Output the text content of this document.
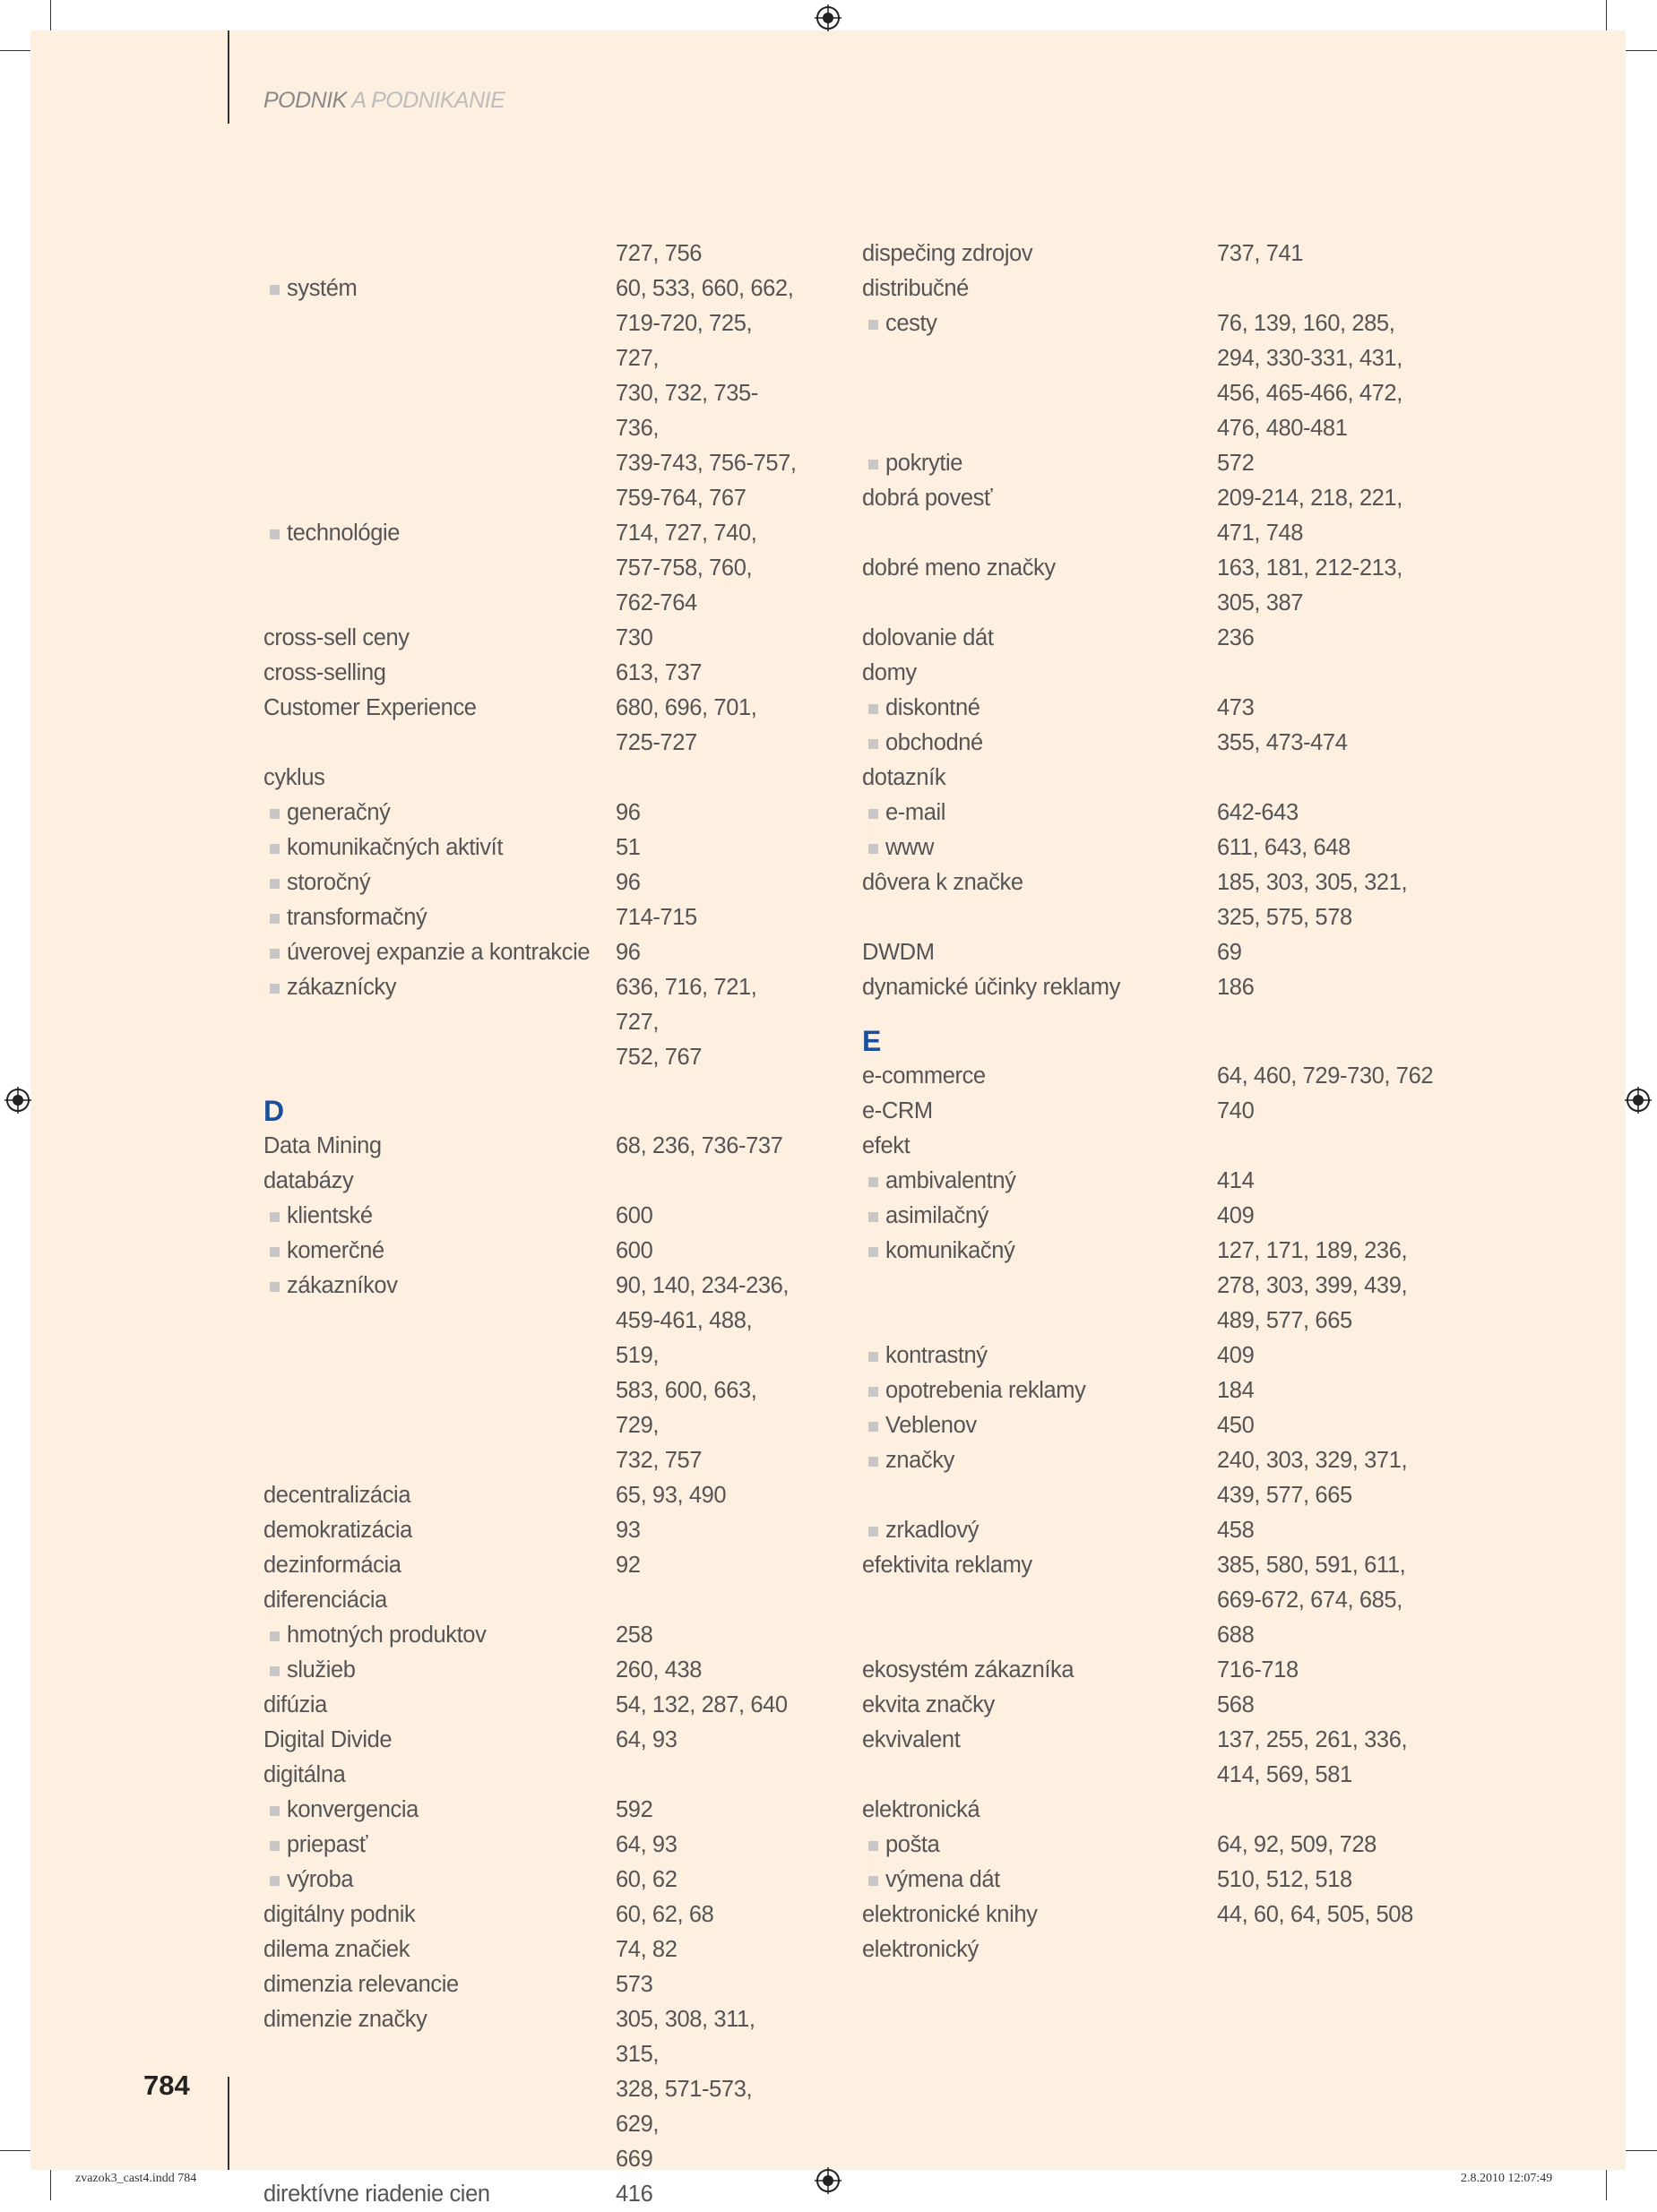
PODNIK A PODNIKANIE
727, 756
systém	60, 533, 660, 662,
719-720, 725, 727,
730, 732, 735-736,
739-743, 756-757,
759-764, 767
technológie	714, 727, 740,
757-758, 760,
762-764
cross-sell ceny	730
cross-selling	613, 737
Customer Experience	680, 696, 701,
725-727
cyklus
generačný	96
komunikačných aktivít	51
storočný	96
transformačný	714-715
úverovej expanzie a kontrakcie	96
zákaznícky	636, 716, 721, 727,
752, 767
D
Data Mining	68, 236, 736-737
databázy
klientské	600
komerčné	600
zákazníkov	90, 140, 234-236,
459-461, 488, 519,
583, 600, 663, 729,
732, 757
decentralizácia	65, 93, 490
demokratizácia	93
dezinformácia	92
diferenciácia
hmotných produktov	258
služieb	260, 438
difúzia	54, 132, 287, 640
Digital Divide	64, 93
digitálna
konvergencia	592
priepasť	64, 93
výroba	60, 62
digitálny podnik	60, 62, 68
dilema značiek	74, 82
dimenzia relevancie	573
dimenzie značky	305, 308, 311, 315,
328, 571-573, 629,
669
direktívne riadenie cien	416
dispečing zdrojov	737, 741
distribučné
cesty	76, 139, 160, 285,
294, 330-331, 431,
456, 465-466, 472,
476, 480-481
pokrytie	572
dobrá povesť	209-214, 218, 221,
471, 748
dobré meno značky	163, 181, 212-213,
305, 387
dolovanie dát	236
domy
diskontné	473
obchodné	355, 473-474
dotazník
e-mail	642-643
www	611, 643, 648
dôvera k značke	185, 303, 305, 321,
325, 575, 578
DWDM	69
dynamické účinky reklamy	186
E
e-commerce	64, 460, 729-730, 762
e-CRM	740
efekt
ambivalentný	414
asimilačný	409
komunikačný	127, 171, 189, 236,
278, 303, 399, 439,
489, 577, 665
kontrastný	409
opotrebenia reklamy	184
Veblenov	450
značky	240, 303, 329, 371,
439, 577, 665
zrkadlový	458
efektivita reklamy	385, 580, 591, 611,
669-672, 674, 685,
688
ekosystém zákazníka	716-718
ekvita značky	568
ekvivalent	137, 255, 261, 336,
414, 569, 581
elektronická
pošta	64, 92, 509, 728
výmena dát	510, 512, 518
elektronické knihy	44, 60, 64, 505, 508
elektronický
784
zvazok3_cast4.indd 784	2.8.2010 12:07:49
